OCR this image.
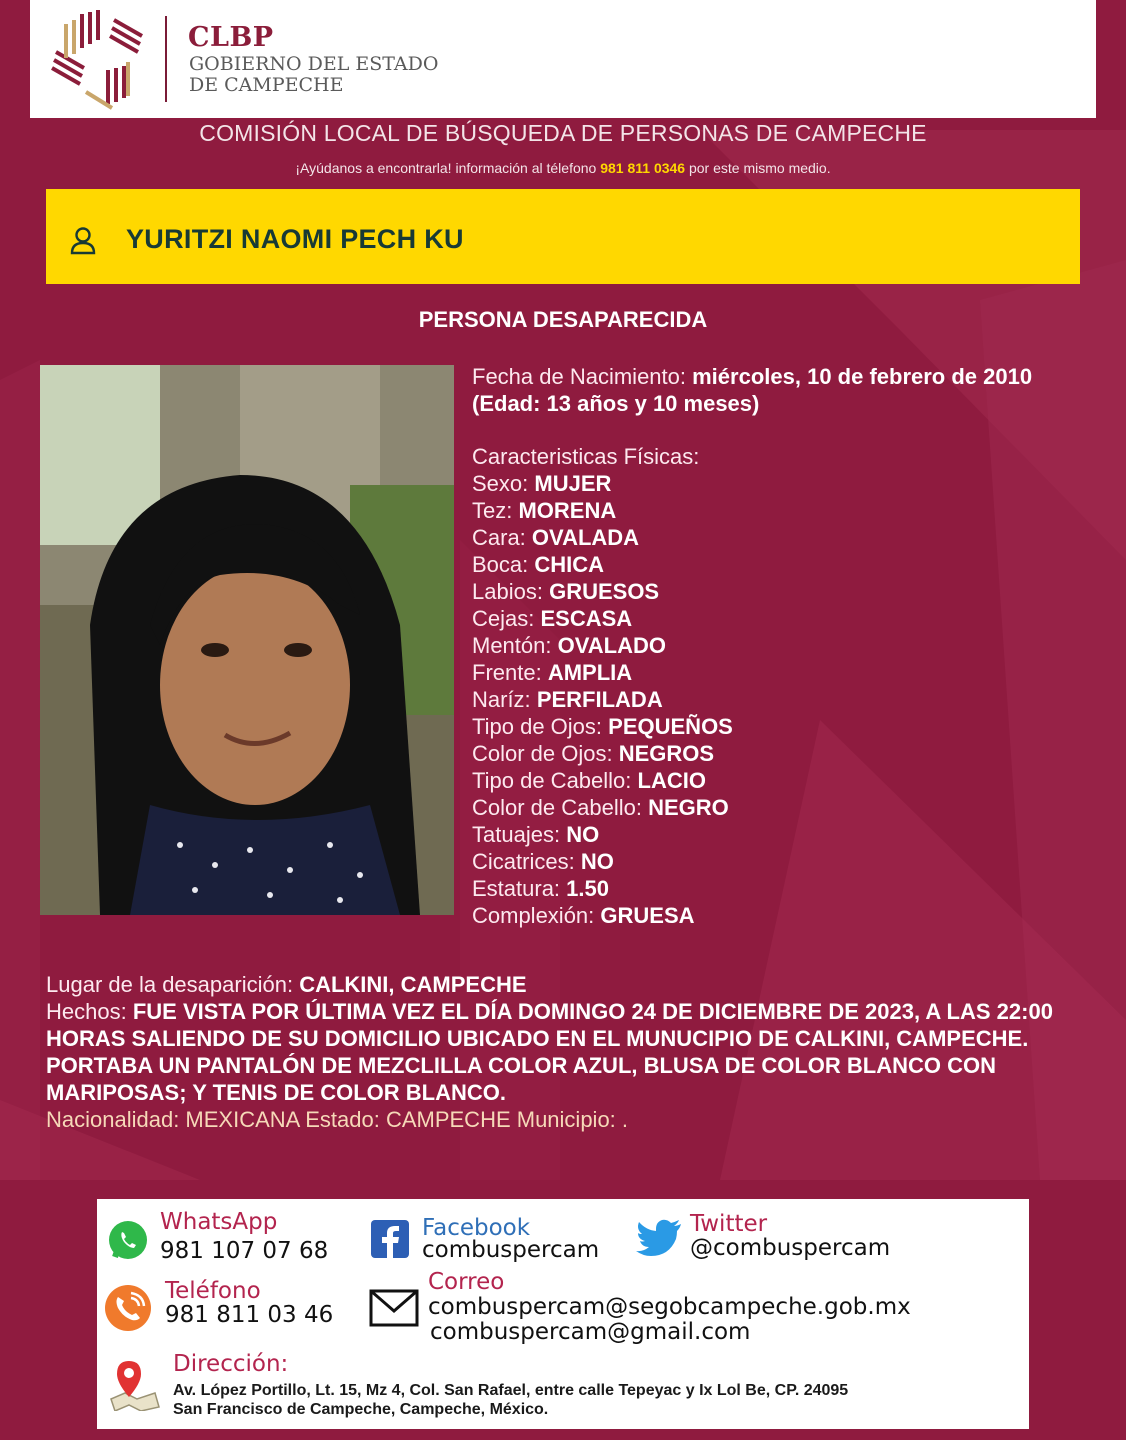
CLBP
GOBIERNO DEL ESTADO
DE CAMPECHE
COMISIÓN LOCAL DE BÚSQUEDA DE PERSONAS DE CAMPECHE
¡Ayúdanos a encontrarla! información al télefono 981 811 0346 por este mismo medio.
YURITZI NAOMI PECH KU
PERSONA DESAPARECIDA
Fecha de Nacimiento: miércoles, 10 de febrero de 2010 (Edad: 13 años y 10 meses)
Caracteristicas Físicas:
Sexo: MUJER
Tez: MORENA
Cara: OVALADA
Boca: CHICA
Labios: GRUESOS
Cejas: ESCASA
Mentón: OVALADO
Frente: AMPLIA
Naríz: PERFILADA
Tipo de Ojos: PEQUEÑOS
Color de Ojos: NEGROS
Tipo de Cabello: LACIO
Color de Cabello: NEGRO
Tatuajes: NO
Cicatrices: NO
Estatura: 1.50
Complexión: GRUESA
Lugar de la desaparición: CALKINI, CAMPECHE
Hechos: FUE VISTA POR ÚLTIMA VEZ EL DÍA DOMINGO 24 DE DICIEMBRE DE 2023, A LAS 22:00 HORAS SALIENDO DE SU DOMICILIO UBICADO EN EL MUNUCIPIO DE CALKINI, CAMPECHE. PORTABA UN PANTALÓN DE MEZCLILLA COLOR AZUL, BLUSA DE COLOR BLANCO CON MARIPOSAS; Y TENIS DE COLOR BLANCO.
Nacionalidad: MEXICANA Estado: CAMPECHE Municipio: .
WhatsApp
981 107 07 68
Facebook
combuspercam
Twitter
@combuspercam
Teléfono
981 811 03 46
Correo
combuspercam@segobcampeche.gob.mx
combuspercam@gmail.com
Dirección:
Av. López Portillo, Lt. 15, Mz 4, Col. San Rafael, entre calle Tepeyac y Ix Lol Be, CP. 24095
San Francisco de Campeche, Campeche, México.
